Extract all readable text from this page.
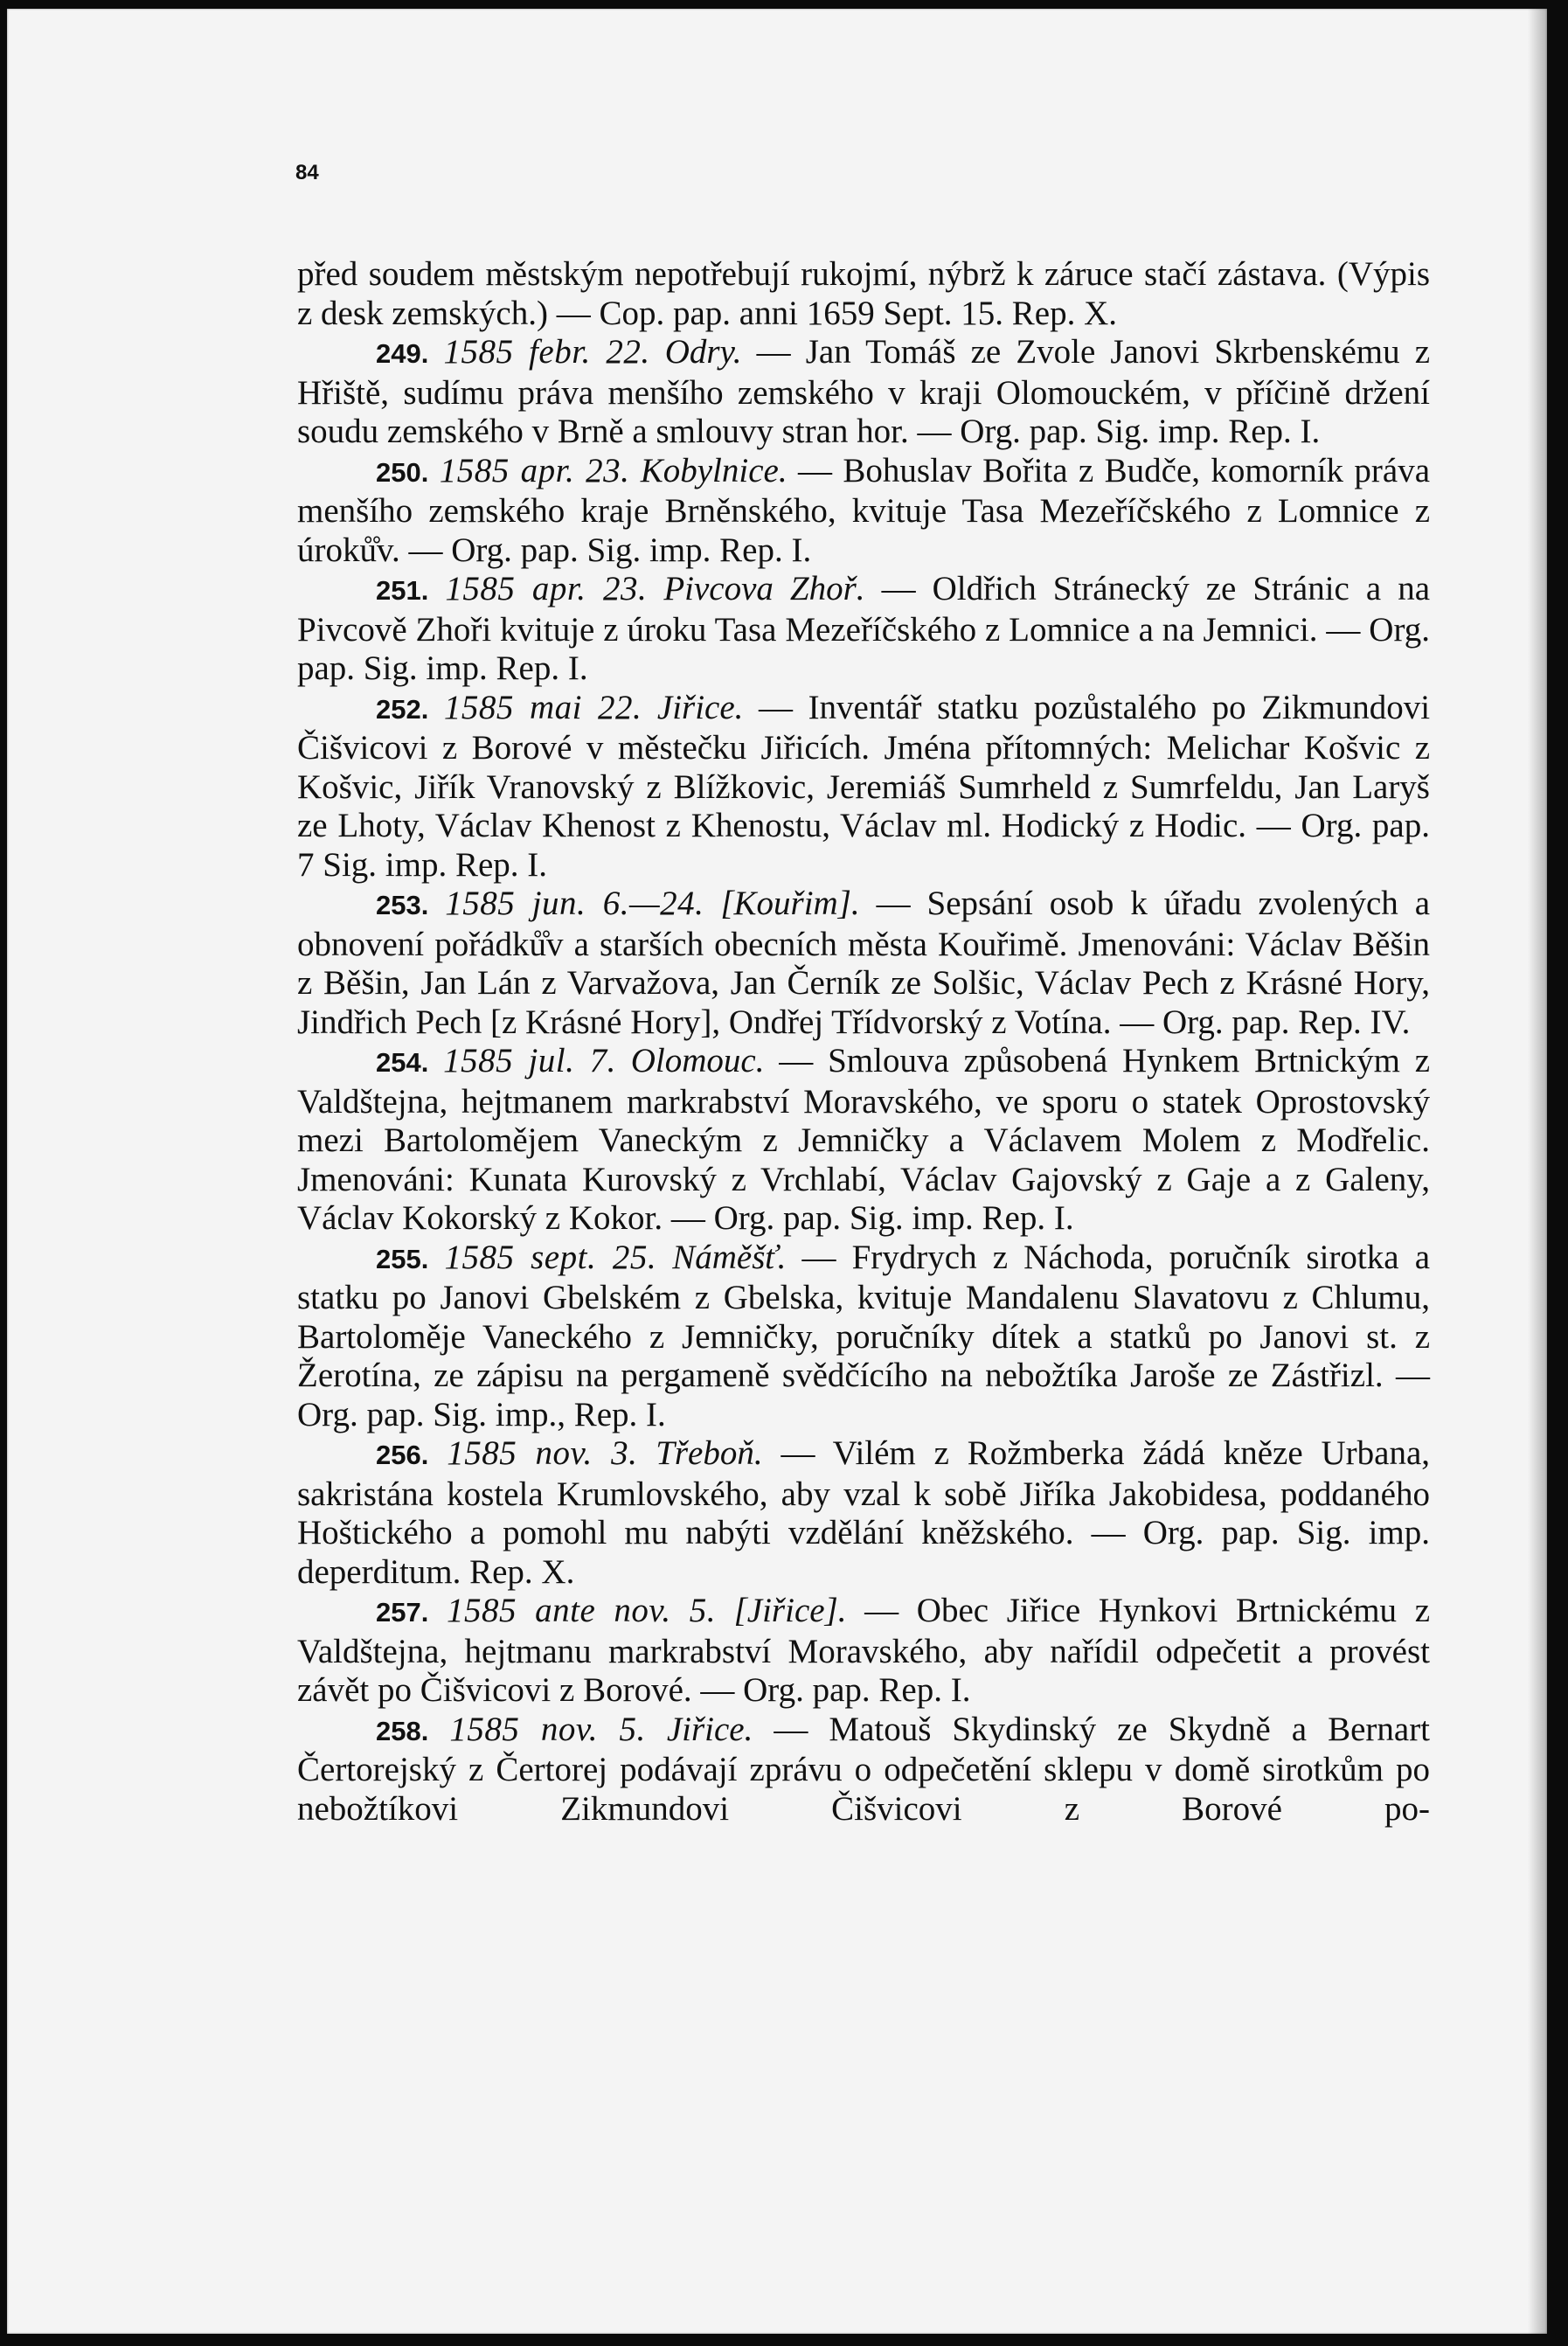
84

před soudem městským nepotřebují rukojmí, nýbrž k záruce stačí zástava. (Výpis z desk zemských.) — Cop. pap. anni 1659 Sept. 15. Rep. X.

249. 1585 febr. 22. Odry. — Jan Tomáš ze Zvole Janovi Skrbenskému z Hřiště, sudímu práva menšího zemského v kraji Olomouckém, v příčině držení soudu zemského v Brně a smlouvy stran hor. — Org. pap. Sig. imp. Rep. I.

250. 1585 apr. 23. Kobylnice. — Bohuslav Bořita z Budče, komorník práva menšího zemského kraje Brněnského, kvituje Tasa Mezeříčského z Lomnice z úroků̊v. — Org. pap. Sig. imp. Rep. I.

251. 1585 apr. 23. Pivcova Zhoř. — Oldřich Stránecký ze Stránic a na Pivcově Zhoři kvituje z úroku Tasa Mezeříčského z Lomnice a na Jemnici. — Org. pap. Sig. imp. Rep. I.

252. 1585 mai 22. Jiřice. — Inventář statku pozůstalého po Zikmundovi Čišvicovi z Borové v městečku Jiřicích. Jména přítomných: Melichar Košvic z Košvic, Jiřík Vranovský z Blížkovic, Jeremiáš Sumrheld z Sumrfeldu, Jan Laryš ze Lhoty, Václav Khenost z Khenostu, Václav ml. Hodický z Hodic. — Org. pap. 7 Sig. imp. Rep. I.

253. 1585 jun. 6.—24. [Kouřim]. — Sepsání osob k úřadu zvolených a obnovení pořádků̊v a starších obecních města Kouřimě. Jmenováni: Václav Běšin z Běšin, Jan Lán z Varvažova, Jan Černík ze Solšic, Václav Pech z Krásné Hory, Jindřich Pech [z Krásné Hory], Ondřej Třídvorský z Votína. — Org. pap. Rep. IV.

254. 1585 jul. 7. Olomouc. — Smlouva způsobená Hynkem Brtnickým z Valdštejna, hejtmanem markrabství Moravského, ve sporu o statek Oprostovský mezi Bartolomějem Vaneckým z Jemničky a Václavem Molem z Modřelic. Jmenováni: Kunata Kurovský z Vrchlabí, Václav Gajovský z Gaje a z Galeny, Václav Kokorský z Kokor. — Org. pap. Sig. imp. Rep. I.

255. 1585 sept. 25. Náměšť. — Frydrych z Náchoda, poručník sirotka a statku po Janovi Gbelském z Gbelska, kvituje Mandalenu Slavatovu z Chlumu, Bartoloměje Vaneckého z Jemničky, poručníky dítek a statků po Janovi st. z Žerotína, ze zápisu na pergameně svědčícího na nebožtíka Jaroše ze Zástřizl. — Org. pap. Sig. imp., Rep. I.

256. 1585 nov. 3. Třeboň. — Vilém z Rožmberka žádá kněze Urbana, sakristána kostela Krumlovského, aby vzal k sobě Jiříka Jakobidesa, poddaného Hoštického a pomohl mu nabýti vzdělání kněžského. — Org. pap. Sig. imp. deperditum. Rep. X.

257. 1585 ante nov. 5. [Jiřice]. — Obec Jiřice Hynkovi Brtnickému z Valdštejna, hejtmanu markrabství Moravského, aby nařídil odpečetit a provést závět po Čišvicovi z Borové. — Org. pap. Rep. I.

258. 1585 nov. 5. Jiřice. — Matouš Skydinský ze Skydně a Bernart Čertorejský z Čertorej podávají zprávu o odpečetění sklepu v domě sirotkům po nebožtíkovi Zikmundovi Čišvicovi z Borové po-
